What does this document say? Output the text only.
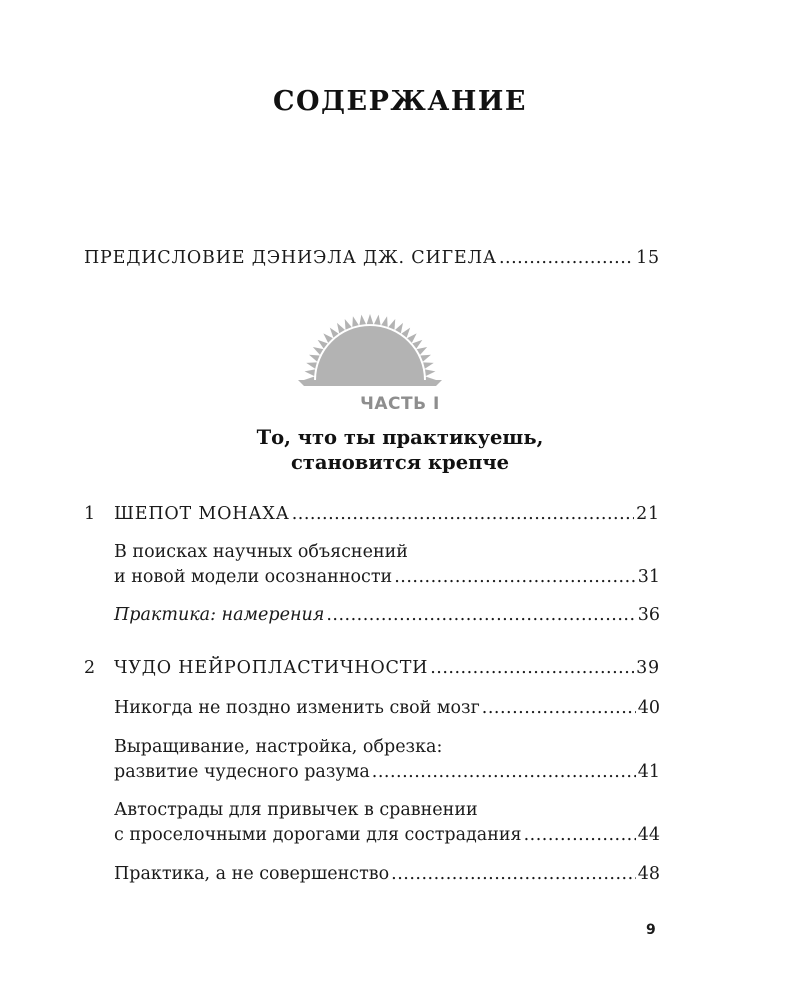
СОДЕРЖАНИЕ
ПРЕДИСЛОВИЕ ДЭНИЭЛА ДЖ. СИГЕЛА .....	15
ЧАСТЬ I
То, что ты практикуешь,
становится крепче
1 ШЕПОТ МОНАХА .....	21
В поисках научных объяснений
и новой модели осознанности .....	31
Практика: намерения .....	36
2 ЧУДО НЕЙРОПЛАСТИЧНОСТИ .....	39
Никогда не поздно изменить свой мозг .....	40
Выращивание, настройка, обрезка:
развитие чудесного разума .....	41
Автострады для привычек в сравнении
с проселочными дорогами для сострадания .....	44
Практика, а не совершенство .....	48
9
